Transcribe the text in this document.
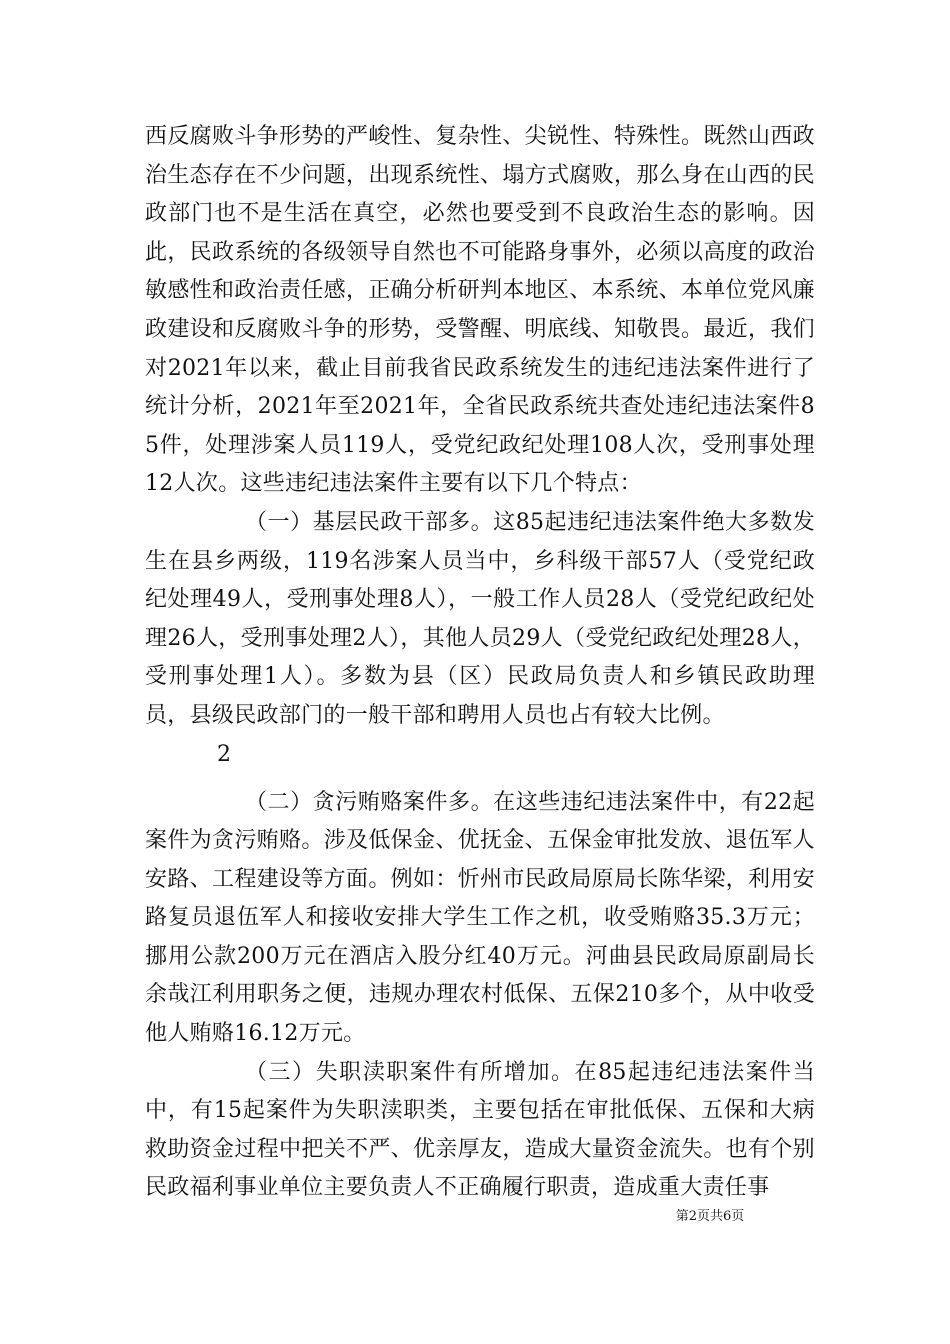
西反腐败斗争形势的严峻性、复杂性、尖锐性、特殊性。既然山西政治生态存在不少问题，出现系统性、塌方式腐败，那么身在山西的民政部门也不是生活在真空，必然也要受到不良政治生态的影响。因此，民政系统的各级领导自然也不可能路身事外，必须以高度的政治敏感性和政治责任感，正确分析研判本地区、本系统、本单位党风廉政建设和反腐败斗争的形势，受警醒、明底线、知敬畏。最近，我们对2021年以来，截止目前我省民政系统发生的违纪违法案件进行了统计分析，2021年至2021年，全省民政系统共查处违纪违法案件85件，处理涉案人员119人，受党纪政纪处理108人次，受刑事处理12人次。这些违纪违法案件主要有以下几个特点：

（一）基层民政干部多。这85起违纪违法案件绝大多数发生在县乡两级，119名涉案人员当中，乡科级干部57人（受党纪政纪处理49人，受刑事处理8人），一般工作人员28人（受党纪政纪处理26人，受刑事处理2人），其他人员29人（受党纪政纪处理28人，受刑事处理1人）。多数为县（区）民政局负责人和乡镇民政助理员，县级民政部门的一般干部和聘用人员也占有较大比例。

2

（二）贪污贿赂案件多。在这些违纪违法案件中，有22起案件为贪污贿赂。涉及低保金、优抚金、五保金审批发放、退伍军人安路、工程建设等方面。例如：忻州市民政局原局长陈华梁，利用安路复员退伍军人和接收安排大学生工作之机，收受贿赂35.3万元；挪用公款200万元在酒店入股分红40万元。河曲县民政局原副局长余哉江利用职务之便，违规办理农村低保、五保210多个，从中收受他人贿赂16.12万元。

（三）失职渎职案件有所增加。在85起违纪违法案件当中，有15起案件为失职渎职类，主要包括在审批低保、五保和大病救助资金过程中把关不严、优亲厚友，造成大量资金流失。也有个别民政福利事业单位主要负责人不正确履行职责，造成重大责任事

第2页共6页
